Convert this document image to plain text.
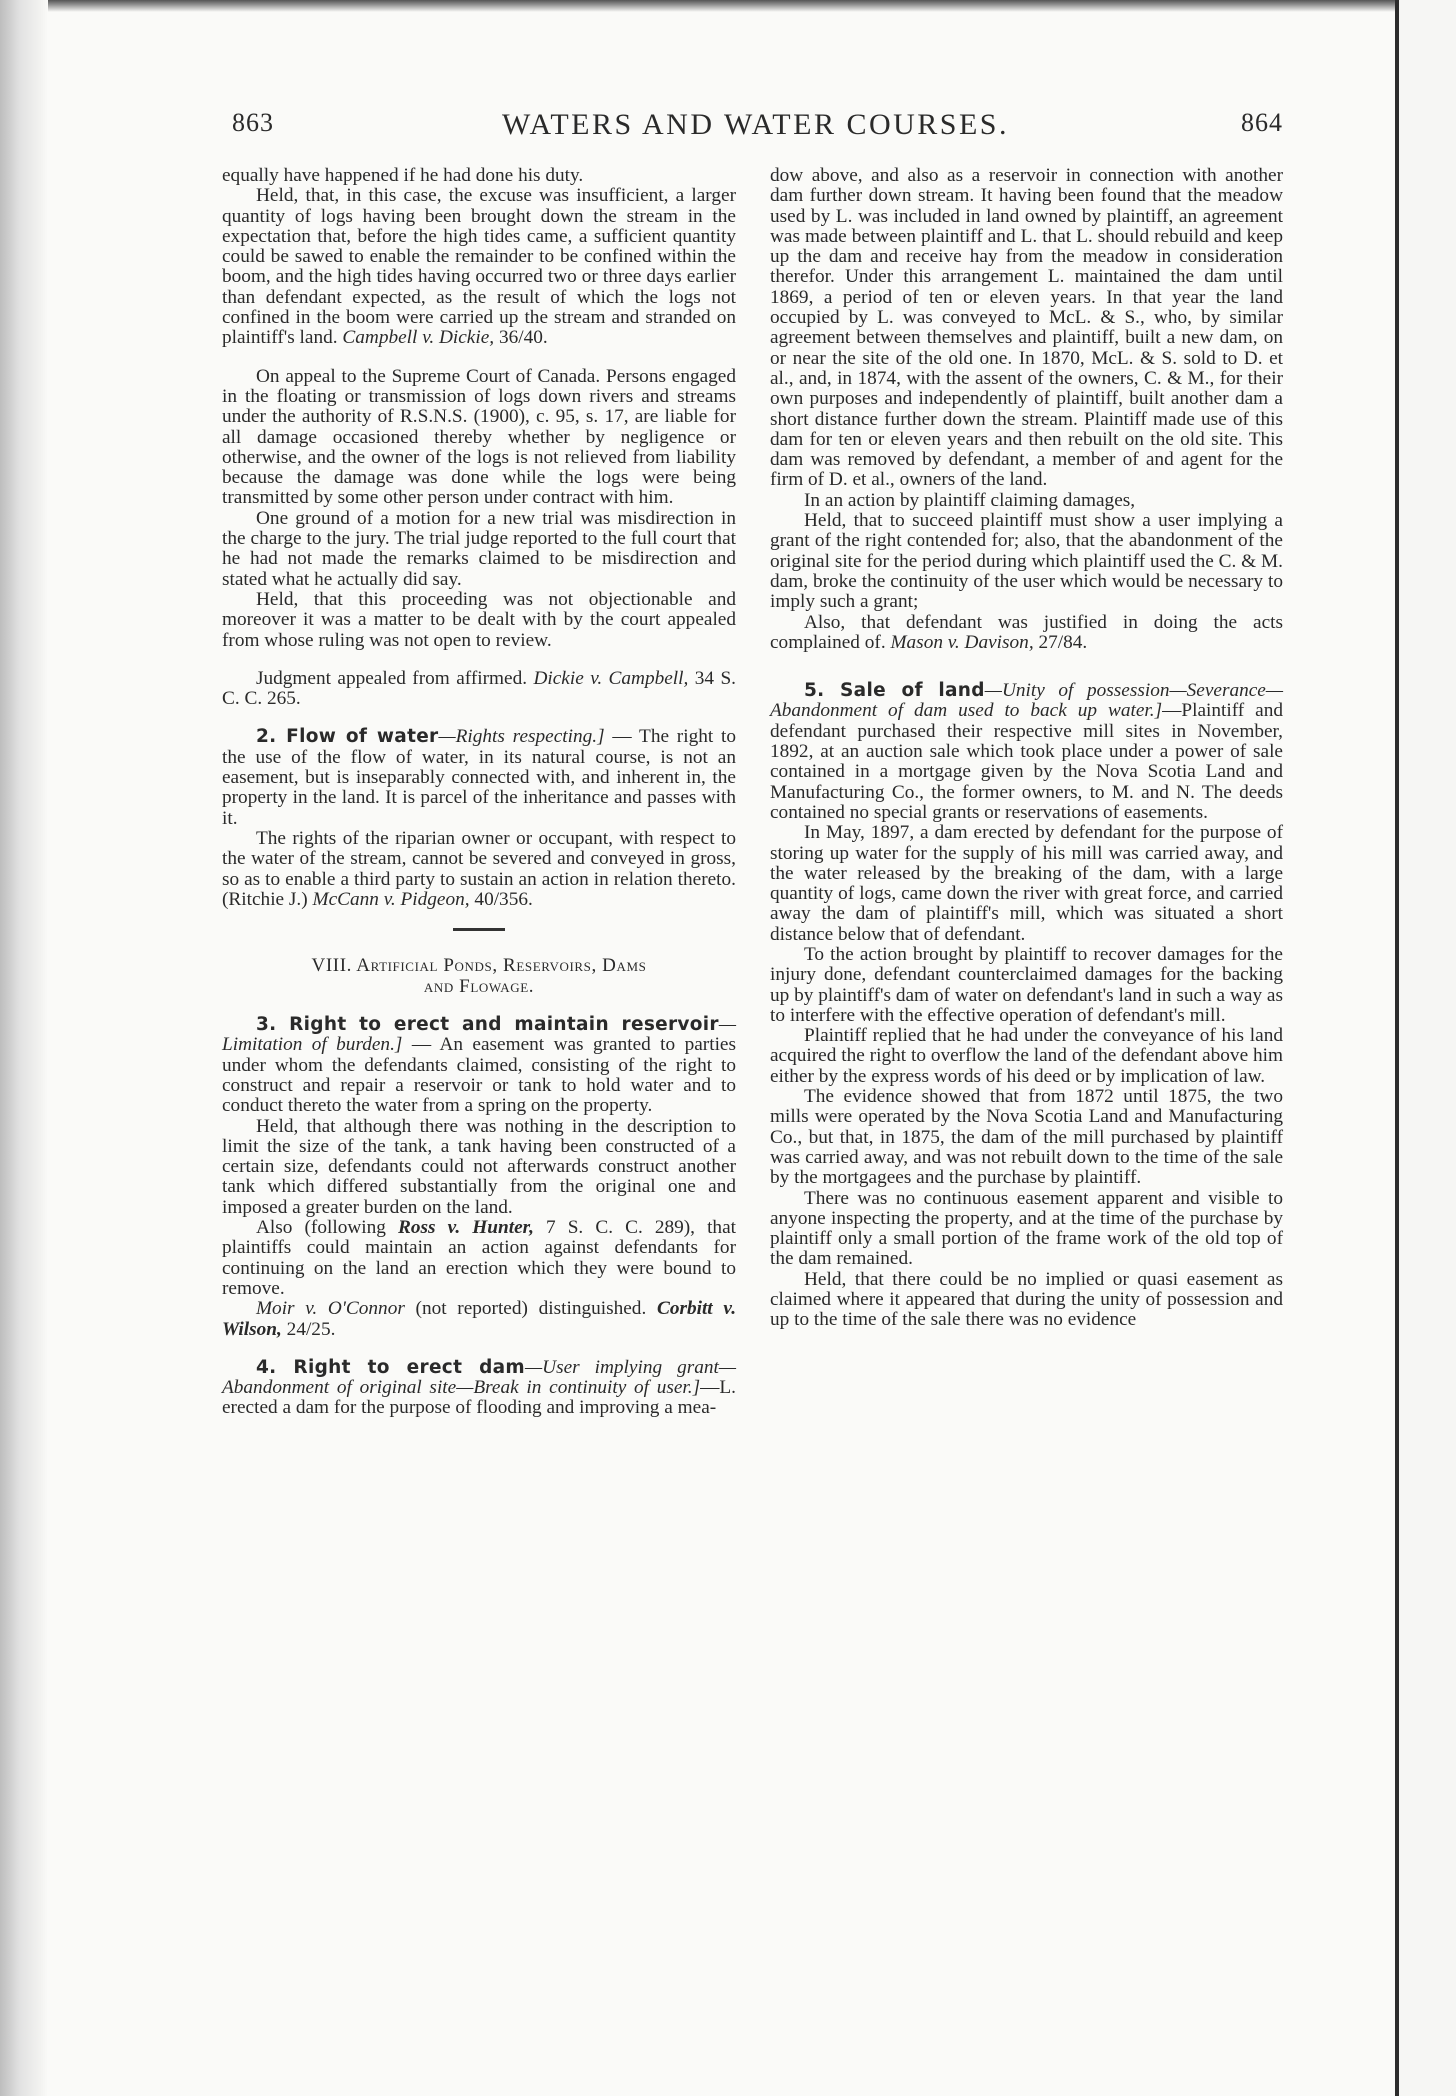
863	WATERS AND WATER COURSES.	864

equally have happened if he had done his duty.

Held, that, in this case, the excuse was insufficient, a larger quantity of logs having been brought down the stream in the expectation that, before the high tides came, a sufficient quantity could be sawed to enable the remainder to be confined within the boom, and the high tides having occurred two or three days earlier than defendant expected, as the result of which the logs not confined in the boom were carried up the stream and stranded on plaintiff's land. Campbell v. Dickie, 36/40.

On appeal to the Supreme Court of Canada. Persons engaged in the floating or transmission of logs down rivers and streams under the authority of R.S.N.S. (1900), c. 95, s. 17, are liable for all damage occasioned thereby whether by negligence or otherwise, and the owner of the logs is not relieved from liability because the damage was done while the logs were being transmitted by some other person under contract with him.

One ground of a motion for a new trial was misdirection in the charge to the jury. The trial judge reported to the full court that he had not made the remarks claimed to be misdirection and stated what he actually did say.

Held, that this proceeding was not objectionable and moreover it was a matter to be dealt with by the court appealed from whose ruling was not open to review.

Judgment appealed from affirmed. Dickie v. Campbell, 34 S. C. C. 265.

2. Flow of water—Rights respecting.] — The right to the use of the flow of water, in its natural course, is not an easement, but is inseparably connected with, and inherent in, the property in the land. It is parcel of the inheritance and passes with it.

The rights of the riparian owner or occupant, with respect to the water of the stream, cannot be severed and conveyed in gross, so as to enable a third party to sustain an action in relation thereto. (Ritchie J.) McCann v. Pidgeon, 40/356.

VIII. Artificial Ponds, Reservoirs, Dams
and Flowage.

3. Right to erect and maintain reservoir—Limitation of burden.] — An easement was granted to parties under whom the defendants claimed, consisting of the right to construct and repair a reservoir or tank to hold water and to conduct thereto the water from a spring on the property.

Held, that although there was nothing in the description to limit the size of the tank, a tank having been constructed of a certain size, defendants could not afterwards construct another tank which differed substantially from the original one and imposed a greater burden on the land.

Also (following Ross v. Hunter, 7 S. C. C. 289), that plaintiffs could maintain an action against defendants for continuing on the land an erection which they were bound to remove.

Moir v. O'Connor (not reported) distinguished. Corbitt v. Wilson, 24/25.

4. Right to erect dam—User implying grant—Abandonment of original site—Break in continuity of user.]—L. erected a dam for the purpose of flooding and improving a mea-

dow above, and also as a reservoir in connection with another dam further down stream. It having been found that the meadow used by L. was included in land owned by plaintiff, an agreement was made between plaintiff and L. that L. should rebuild and keep up the dam and receive hay from the meadow in consideration therefor. Under this arrangement L. maintained the dam until 1869, a period of ten or eleven years. In that year the land occupied by L. was conveyed to McL. & S., who, by similar agreement between themselves and plaintiff, built a new dam, on or near the site of the old one. In 1870, McL. & S. sold to D. et al., and, in 1874, with the assent of the owners, C. & M., for their own purposes and independently of plaintiff, built another dam a short distance further down the stream. Plaintiff made use of this dam for ten or eleven years and then rebuilt on the old site. This dam was removed by defendant, a member of and agent for the firm of D. et al., owners of the land.

In an action by plaintiff claiming damages,

Held, that to succeed plaintiff must show a user implying a grant of the right contended for; also, that the abandonment of the original site for the period during which plaintiff used the C. & M. dam, broke the continuity of the user which would be necessary to imply such a grant;

Also, that defendant was justified in doing the acts complained of. Mason v. Davison, 27/84.

5. Sale of land—Unity of possession—Severance—Abandonment of dam used to back up water.]—Plaintiff and defendant purchased their respective mill sites in November, 1892, at an auction sale which took place under a power of sale contained in a mortgage given by the Nova Scotia Land and Manufacturing Co., the former owners, to M. and N. The deeds contained no special grants or reservations of easements.

In May, 1897, a dam erected by defendant for the purpose of storing up water for the supply of his mill was carried away, and the water released by the breaking of the dam, with a large quantity of logs, came down the river with great force, and carried away the dam of plaintiff's mill, which was situated a short distance below that of defendant.

To the action brought by plaintiff to recover damages for the injury done, defendant counterclaimed damages for the backing up by plaintiff's dam of water on defendant's land in such a way as to interfere with the effective operation of defendant's mill.

Plaintiff replied that he had under the conveyance of his land acquired the right to overflow the land of the defendant above him either by the express words of his deed or by implication of law.

The evidence showed that from 1872 until 1875, the two mills were operated by the Nova Scotia Land and Manufacturing Co., but that, in 1875, the dam of the mill purchased by plaintiff was carried away, and was not rebuilt down to the time of the sale by the mortgagees and the purchase by plaintiff.

There was no continuous easement apparent and visible to anyone inspecting the property, and at the time of the purchase by plaintiff only a small portion of the frame work of the old top of the dam remained.

Held, that there could be no implied or quasi easement as claimed where it appeared that during the unity of possession and up to the time of the sale there was no evidence
